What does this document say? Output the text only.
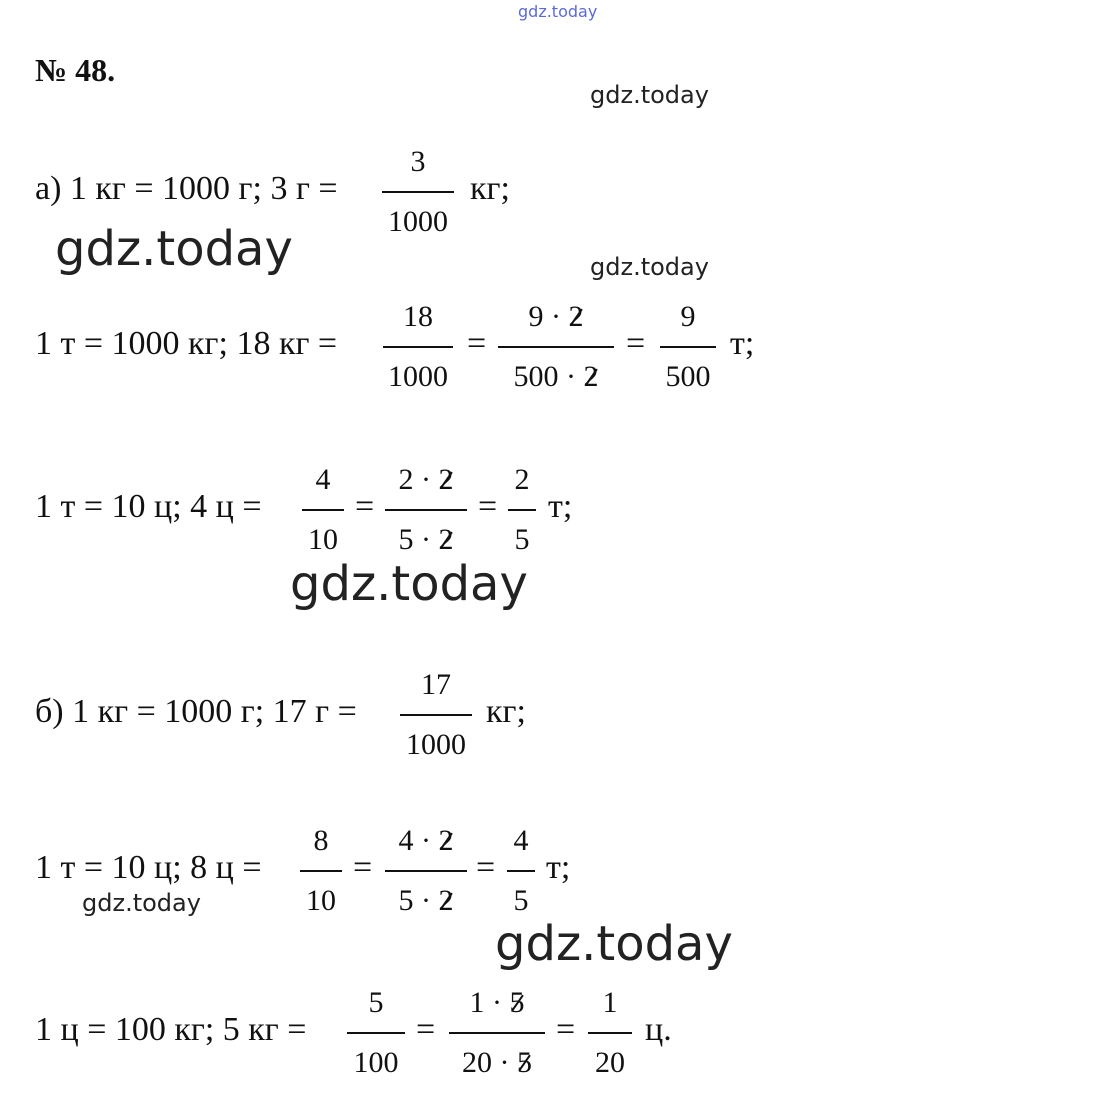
gdz.today
gdz.today
gdz.today	gdz.today
gdz.today
gdz.today
gdz.today
№ 48.
а) 1 кг = 1000 г; 3 г =
3
1000
кг;
1 т = 1000 кг; 18 кг =
18
1000
=
9 · 2
500 · 2
=
9
500
т;
1 т = 10 ц; 4 ц =
4
10
=
2 · 2
5 · 2
=
2
5
т;
б) 1 кг = 1000 г; 17 г =
17
1000
кг;
1 т = 10 ц; 8 ц =
8
10
=
4 · 2
5 · 2
=
4
5
т;
1 ц = 100 кг; 5 кг =
5
100
=
1 · 5
20 · 5
=
1
20
ц.
